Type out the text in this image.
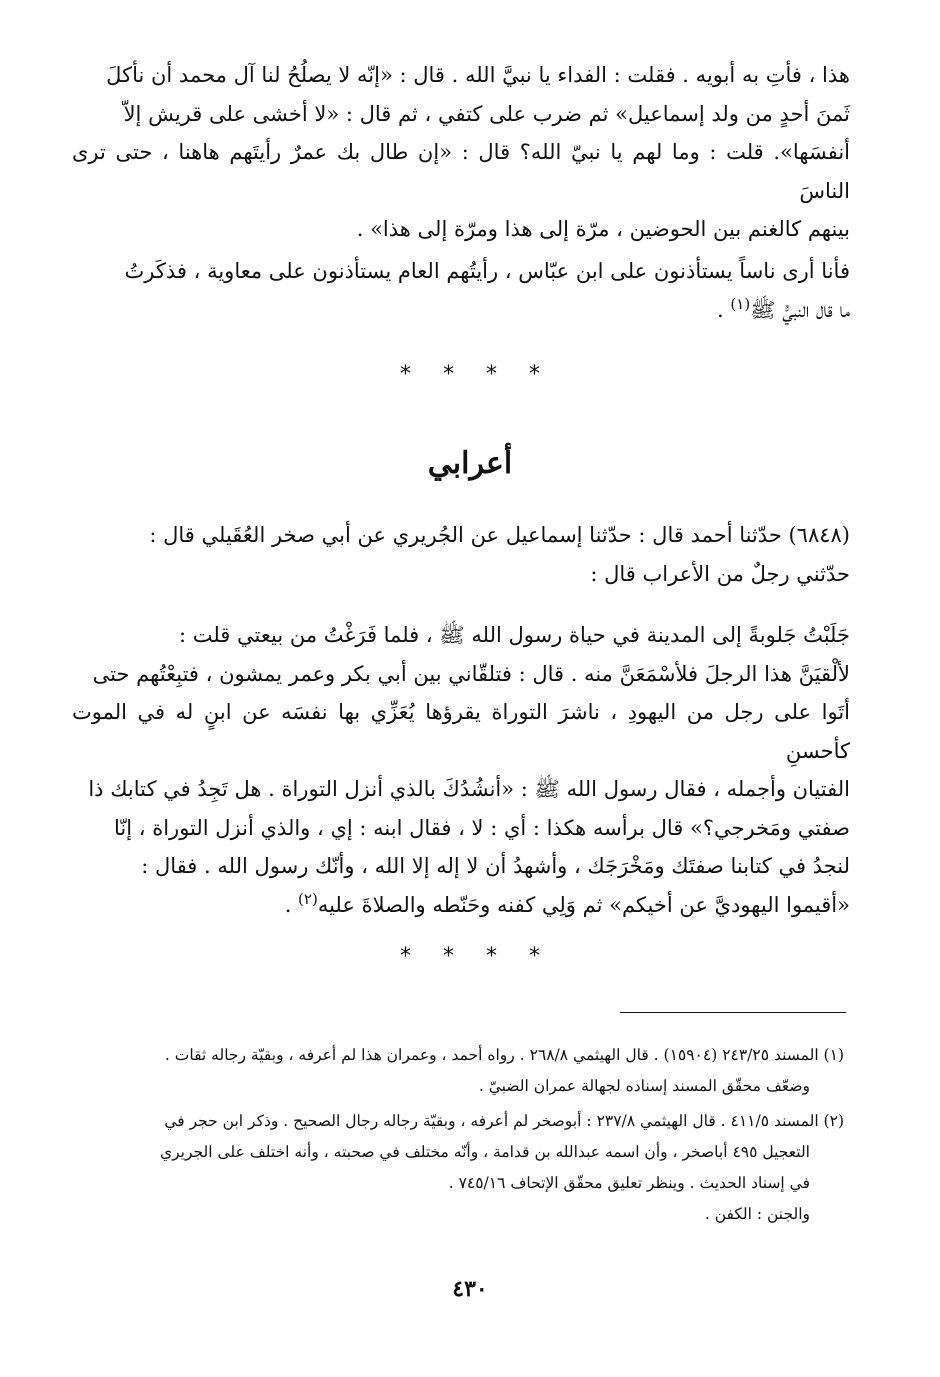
هذا ، فأتِ به أبويه . فقلت : الفداء يا نبيَّ الله . قال : «إنّه لا يصلُحُ لنا آل محمد أن نأكلَ
ثَمنَ أحدٍ من ولد إسماعيل» ثم ضرب على كتفي ، ثم قال : «لا أخشى على قريش إلاّ
أنفسَها». قلت : وما لهم يا نبيّ الله؟ قال : «إن طال بك عمرٌ رأيتَهم هاهنا ، حتى ترى الناسَ
بينهم كالغنم بين الحوضين ، مرّة إلى هذا ومرّة إلى هذا» .
فأنا أرى ناساً يستأذنون على ابن عبّاس ، رأيتُهم العام يستأذنون على معاوية ، فذكَرتُ
ما قال النبيُّ ﷺ$^{(١)}$ .
* * * *
أعرابي
(٦٨٤٨) حدّثنا أحمد قال : حدّثنا إسماعيل عن الجُريري عن أبي صخر العُقَيلي قال :
حدّثني رجلٌ من الأعراب قال :
جَلَبْتُ جَلوبةً إلى المدينة في حياة رسول الله ﷺ ، فلما فَرَغْتُ من بيعتي قلت :
لألْقيَنَّ هذا الرجلَ فلأسْمَعَنَّ منه . قال : فتلقّاني بين أبي بكر وعمر يمشون ، فتبِعْتُهم حتى
أتَوا على رجل من اليهودِ ، ناشرَ التوراة يقرؤها يُعَزِّي بها نفسَه عن ابنٍ له في الموت كأحسنِ
الفتيان وأجمله ، فقال رسول الله ﷺ : «أنشُدُكَ بالذي أنزل التوراة . هل تَجِدُ في كتابك ذا
صفتي ومَخرجي؟» قال برأسه هكذا : أي : لا ، فقال ابنه : إي ، والذي أنزل التوراة ، إنّا
لنجدُ في كتابنا صفتَك ومَخْرَجَك ، وأشهدُ أن لا إله إلا الله ، وأنّك رسول الله . فقال :
«أقيموا اليهوديَّ عن أخيكم» ثم وَلِي كفنه وحَنّطه والصلاةَ عليه$^{(٢)}$ .
* * * *
(١) المسند ٢٤٣/٢٥ (١٥٩٠٤) . قال الهيثمي ٢٦٨/٨ . رواه أحمد ، وعمران هذا لم أعرفه ، وبقيّة رجاله ثقات .
وضعّف محقّق المسند إسناده لجهالة عمران الضبيّ .
(٢) المسند ٤١١/٥ . قال الهيثمي ٢٣٧/٨ : أبوصخر لم أعرفه ، وبقيّة رجاله رجال الصحيح . وذكر ابن حجر في
التعجيل ٤٩٥ أباصخر ، وأن اسمه عبدالله بن قدامة ، وأنّه مختلف في صحبته ، وأنه اختلف على الجريري
في إسناد الحديث . وينظر تعليق محقّق الإتحاف ٧٤٥/١٦ .
والجنن : الكفن .
٤٣٠
